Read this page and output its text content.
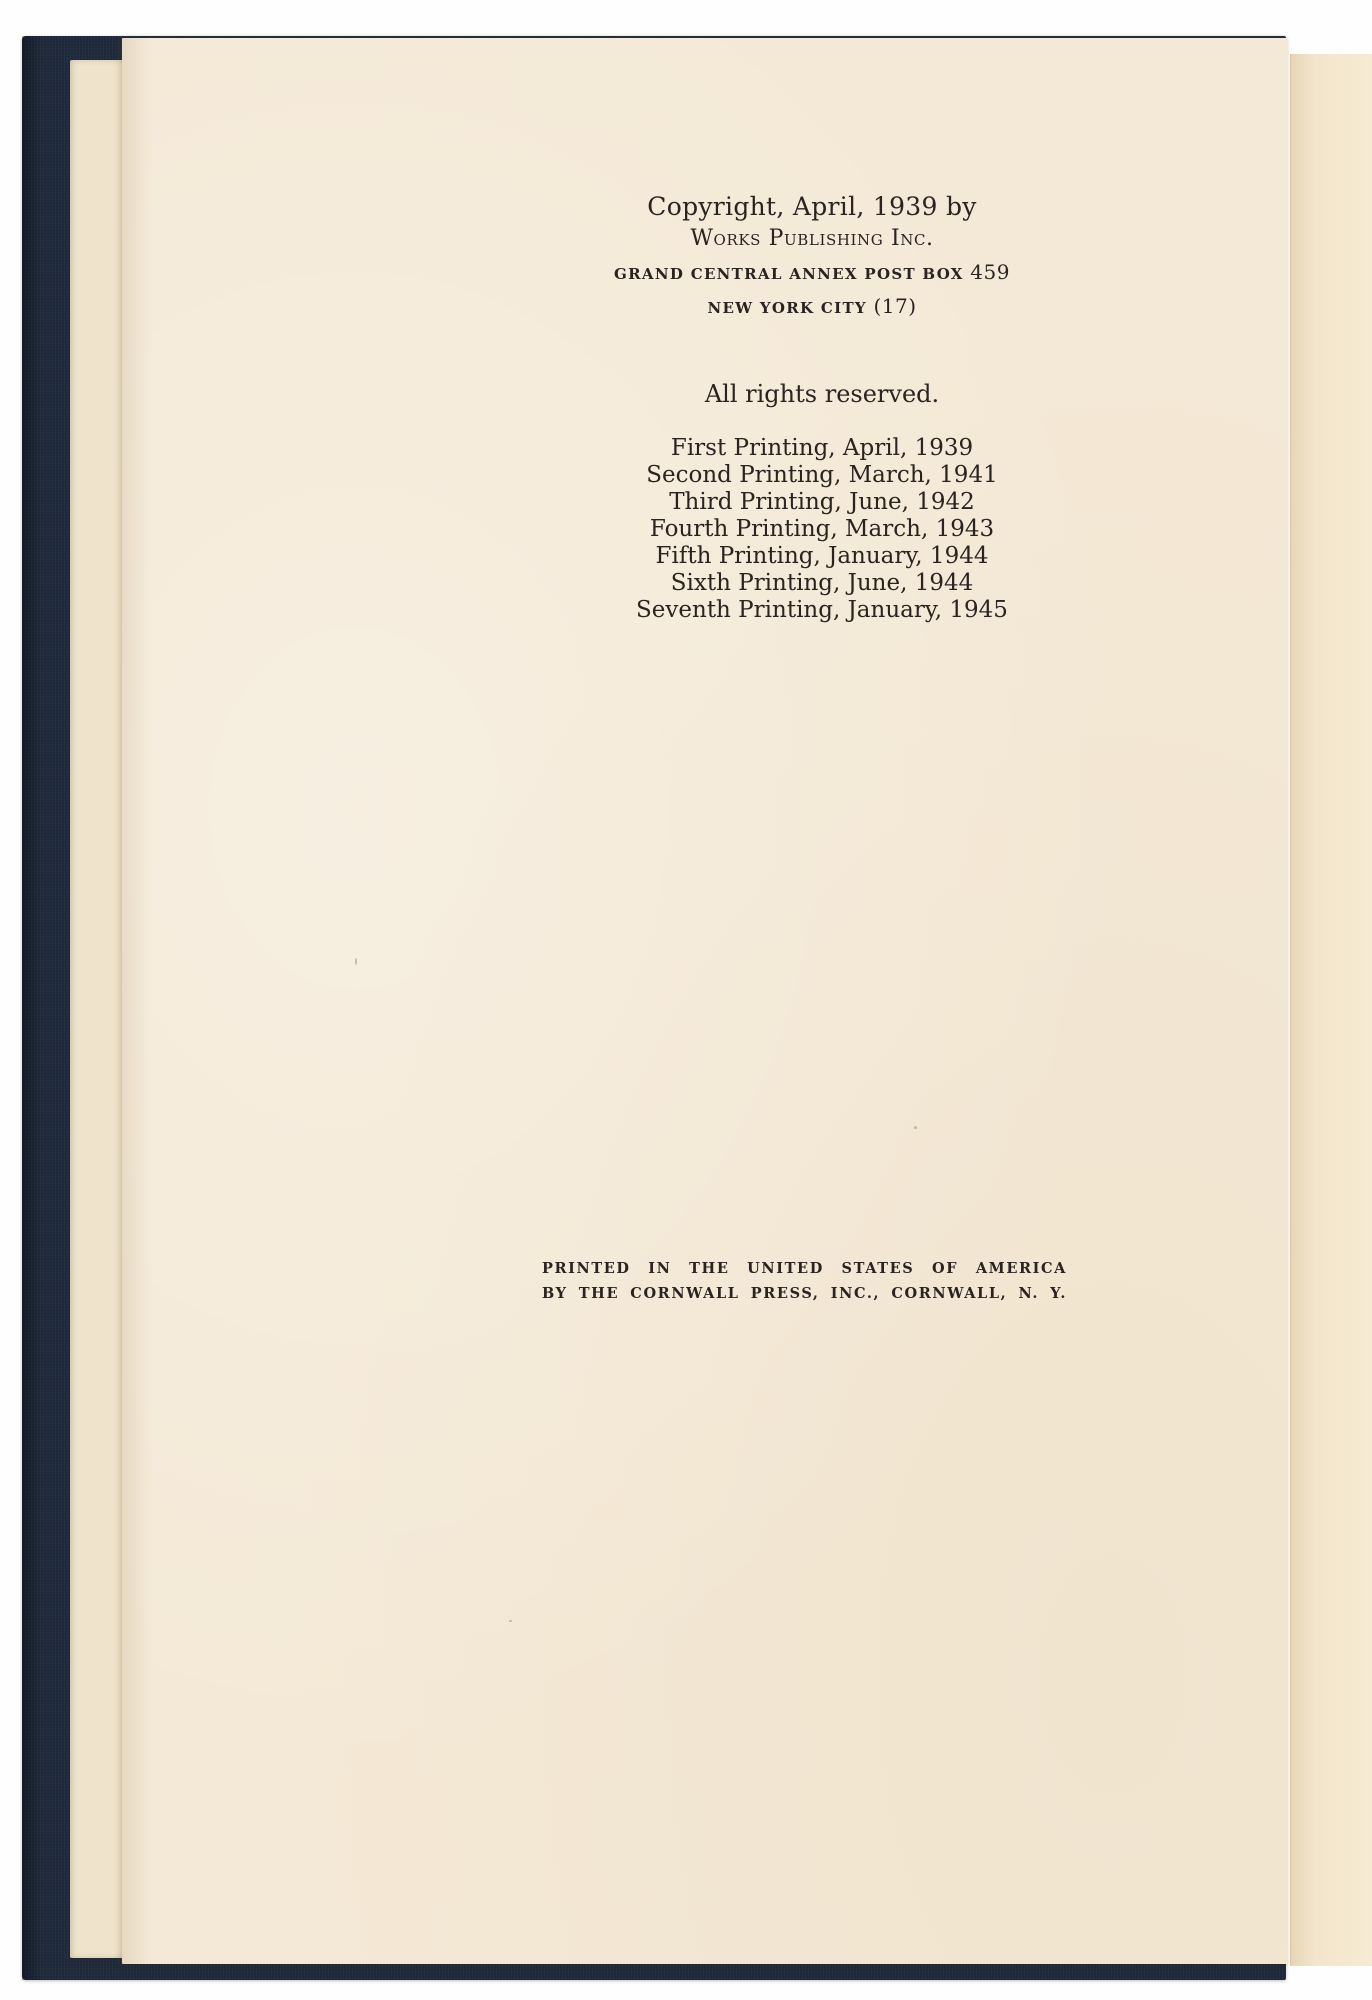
Copyright, April, 1939 by
Works Publishing Inc.
GRAND CENTRAL ANNEX POST BOX 459
NEW YORK CITY (17)
All rights reserved.
First Printing, April, 1939
Second Printing, March, 1941
Third Printing, June, 1942
Fourth Printing, March, 1943
Fifth Printing, January, 1944
Sixth Printing, June, 1944
Seventh Printing, January, 1945
PRINTED IN THE UNITED STATES OF AMERICA
BY THE CORNWALL PRESS, INC., CORNWALL, N. Y.
